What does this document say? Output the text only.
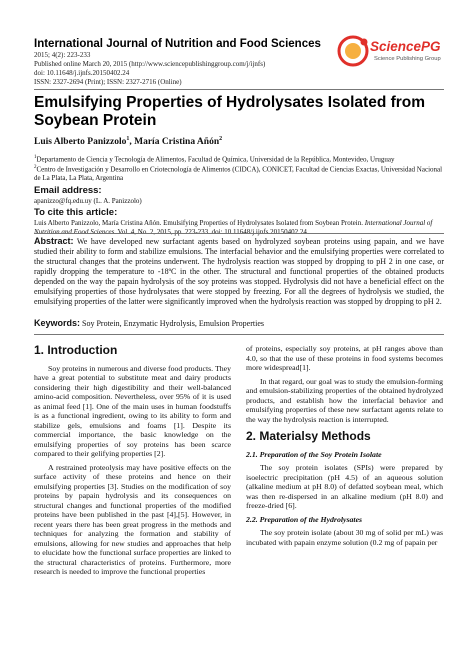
International Journal of Nutrition and Food Sciences
2015; 4(2): 223-233
Published online March 20, 2015 (http://www.sciencepublishinggroup.com/j/ijnfs)
doi: 10.11648/j.ijnfs.20150402.24
ISSN: 2327-2694 (Print); ISSN: 2327-2716 (Online)
SciencePG
Science Publishing Group
Emulsifying Properties of Hydrolysates Isolated from Soybean Protein
Luis Alberto Panizzolo$^1$, María Cristina Añón$^2$
$^1$Departamento de Ciencia y Tecnología de Alimentos, Facultad de Química, Universidad de la República, Montevideo, Uruguay
$^2$Centro de Investigación y Desarrollo en Criotecnología de Alimentos (CIDCA), CONICET, Facultad de Ciencias Exactas, Universidad Nacional de La Plata, La Plata, Argentina
Email address:
apanizzo@fq.edu.uy (L. A. Panizzolo)
To cite this article:
Luis Alberto Panizzolo, María Cristina Añón. Emulsifying Properties of Hydrolysates Isolated from Soybean Protein. International Journal of Nutrition and Food Sciences. Vol. 4, No. 2, 2015, pp. 223-233. doi: 10.11648/j.ijnfs.20150402.24
Abstract: We have developed new surfactant agents based on hydrolyzed soybean proteins using papain, and we have studied their ability to form and stabilize emulsions. The interfacial behavior and the emulsifying properties were correlated to the structural changes that the proteins underwent. The hydrolysis reaction was stopped by dropping to pH 2 in one case, or rapidly dropping the temperature to -18ºC in the other. The structural and functional properties of the obtained products depended on the way the papain hydrolysis of the soy proteins was stopped. Hydrolysis did not have a beneficial effect on the emulsifying properties of those hydrolysates that were stopped by freezing. For all the degrees of hydrolysis we studied, the emulsifying properties of the latter were significantly improved when the hydrolysis reaction was stopped by dropping to pH 2.
Keywords: Soy Protein, Enzymatic Hydrolysis, Emulsion Properties
1. Introduction

Soy proteins in numerous and diverse food products. They have a great potential to substitute meat and dairy products considering their high digestibility and their well-balanced amino-acid composition. Nevertheless, over 95% of it is used as animal feed [1]. One of the main uses in human foodstuffs is as a functional ingredient, owing to its ability to form and stabilize gels, emulsions and foams [1]. Despite its commercial importance, the basic knowledge on the emulsifying properties of soy proteins has been scarce compared to their gelifying properties [2].

A restrained proteolysis may have positive effects on the surface activity of these proteins and hence on their emulsifying properties [3]. Studies on the modification of soy proteins by papain hydrolysis and its consequences on structural changes and functional properties of the modified proteins have been published in the past [4],[5]. However, in recent years there has been great progress in the methods and techniques for analyzing the formation and stability of emulsions, allowing for new studies and approaches that help to elucidate how the functional surface properties are linked to the structural characteristics of proteins. Furthermore, more research is needed to improve the functional properties

of proteins, especially soy proteins, at pH ranges above than 4.0, so that the use of these proteins in food systems becomes more widespread[1].

In that regard, our goal was to study the emulsion-forming and emulsion-stabilizing properties of the obtained hydrolyzed products, and establish how the interfacial behavior and emulsifying properties of these new surfactant agents relate to the way the hydrolysis reaction is interrupted.

2. Materialsy Methods
2.1. Preparation of the Soy Protein Isolate

The soy protein isolates (SPIs) were prepared by isoelectric precipitation (pH 4.5) of an aqueous solution (alkaline medium at pH 8.0) of defatted soybean meal, which was then re-dispersed in an alkaline medium (pH 8.0) and freeze-dried [6].

2.2. Preparation of the Hydrolysates

The soy protein isolate (about 30 mg of solid per mL) was incubated with papain enzyme solution (0.2 mg of papain per
